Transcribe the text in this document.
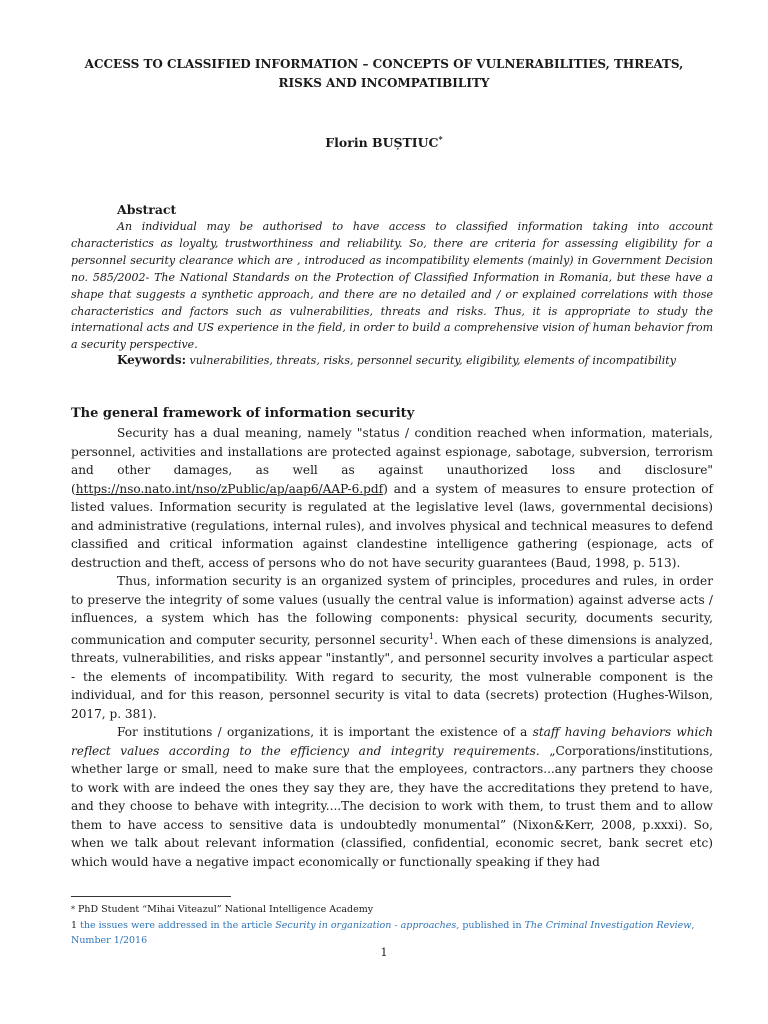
ACCESS TO CLASSIFIED INFORMATION – CONCEPTS OF VULNERABILITIES, THREATS,
RISKS AND INCOMPATIBILITY
Florin BUȘTIUC*
Abstract
An individual may be authorised to have access to classified information taking into account characteristics as loyalty, trustworthiness and reliability. So, there are criteria for assessing eligibility for a personnel security clearance which are , introduced as incompatibility elements (mainly) in Government Decision no. 585/2002- The National Standards on the Protection of Classified Information in Romania, but these have a shape that suggests a synthetic approach, and there are no detailed and / or explained correlations with those characteristics and factors such as vulnerabilities, threats and risks. Thus, it is appropriate to study the international acts and US experience in the field, in order to build a comprehensive vision of human behavior from a security perspective.
Keywords: vulnerabilities, threats, risks, personnel security, eligibility, elements of incompatibility
The general framework of information security

Security has a dual meaning, namely "status / condition reached when information, materials, personnel, activities and installations are protected against espionage, sabotage, subversion, terrorism and other damages, as well as against unauthorized loss and disclosure" (https://nso.nato.int/nso/zPublic/ap/aap6/AAP-6.pdf) and a system of measures to ensure protection of listed values. Information security is regulated at the legislative level (laws, governmental decisions) and administrative (regulations, internal rules), and involves physical and technical measures to defend classified and critical information against clandestine intelligence gathering (espionage, acts of destruction and theft, access of persons who do not have security guarantees (Baud, 1998, p. 513).

Thus, information security is an organized system of principles, procedures and rules, in order to preserve the integrity of some values (usually the central value is information) against adverse acts / influences, a system which has the following components: physical security, documents security, communication and computer security, personnel security$^1$. When each of these dimensions is analyzed, threats, vulnerabilities, and risks appear "instantly", and personnel security involves a particular aspect - the elements of incompatibility. With regard to security, the most vulnerable component is the individual, and for this reason, personnel security is vital to data (secrets) protection (Hughes-Wilson, 2017, p. 381).

For institutions / organizations, it is important the existence of a staff having behaviors which reflect values according to the efficiency and integrity requirements. „Corporations/institutions, whether large or small, need to make sure that the employees, contractors...any partners they choose to work with are indeed the ones they say they are, they have the accreditations they pretend to have, and they choose to behave with integrity....The decision to work with them, to trust them and to allow them to have access to sensitive data is undoubtedly monumental” (Nixon&Kerr, 2008, p.xxxi). So, when we talk about relevant information (classified, confidential, economic secret, bank secret etc) which would have a negative impact economically or functionally speaking if they had

* PhD Student “Mihai Viteazul” National Intelligence Academy
1 the issues were addressed in the article Security in organization - approaches, published in The Criminal Investigation Review, Number 1/2016
1
